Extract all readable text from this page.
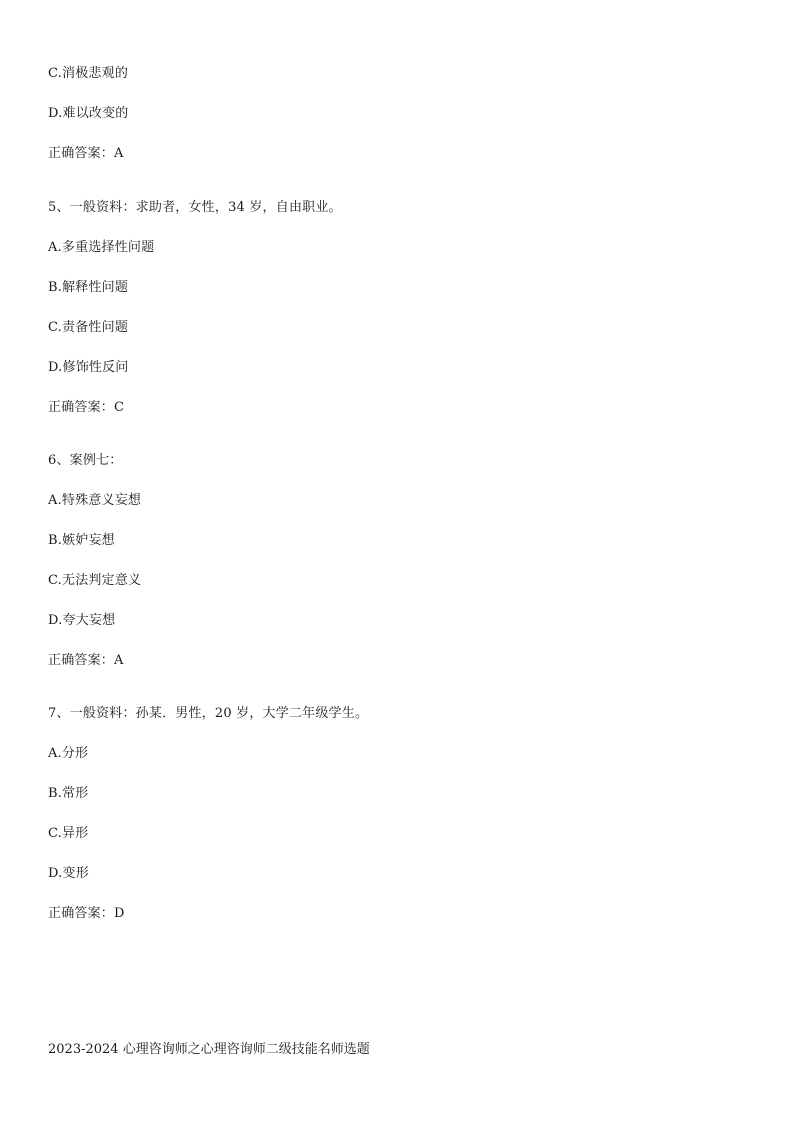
C.消极悲观的
D.难以改变的
正确答案：A
5、一般资料：求助者，女性，34 岁，自由职业。
A.多重选择性问题
B.解释性问题
C.责备性问题
D.修饰性反问
正确答案：C
6、案例七：
A.特殊意义妄想
B.嫉妒妄想
C.无法判定意义
D.夸大妄想
正确答案：A
7、一般资料：孙某．男性，20 岁，大学二年级学生。
A.分形
B.常形
C.异形
D.变形
正确答案：D
2023-2024 心理咨询师之心理咨询师二级技能名师选题
